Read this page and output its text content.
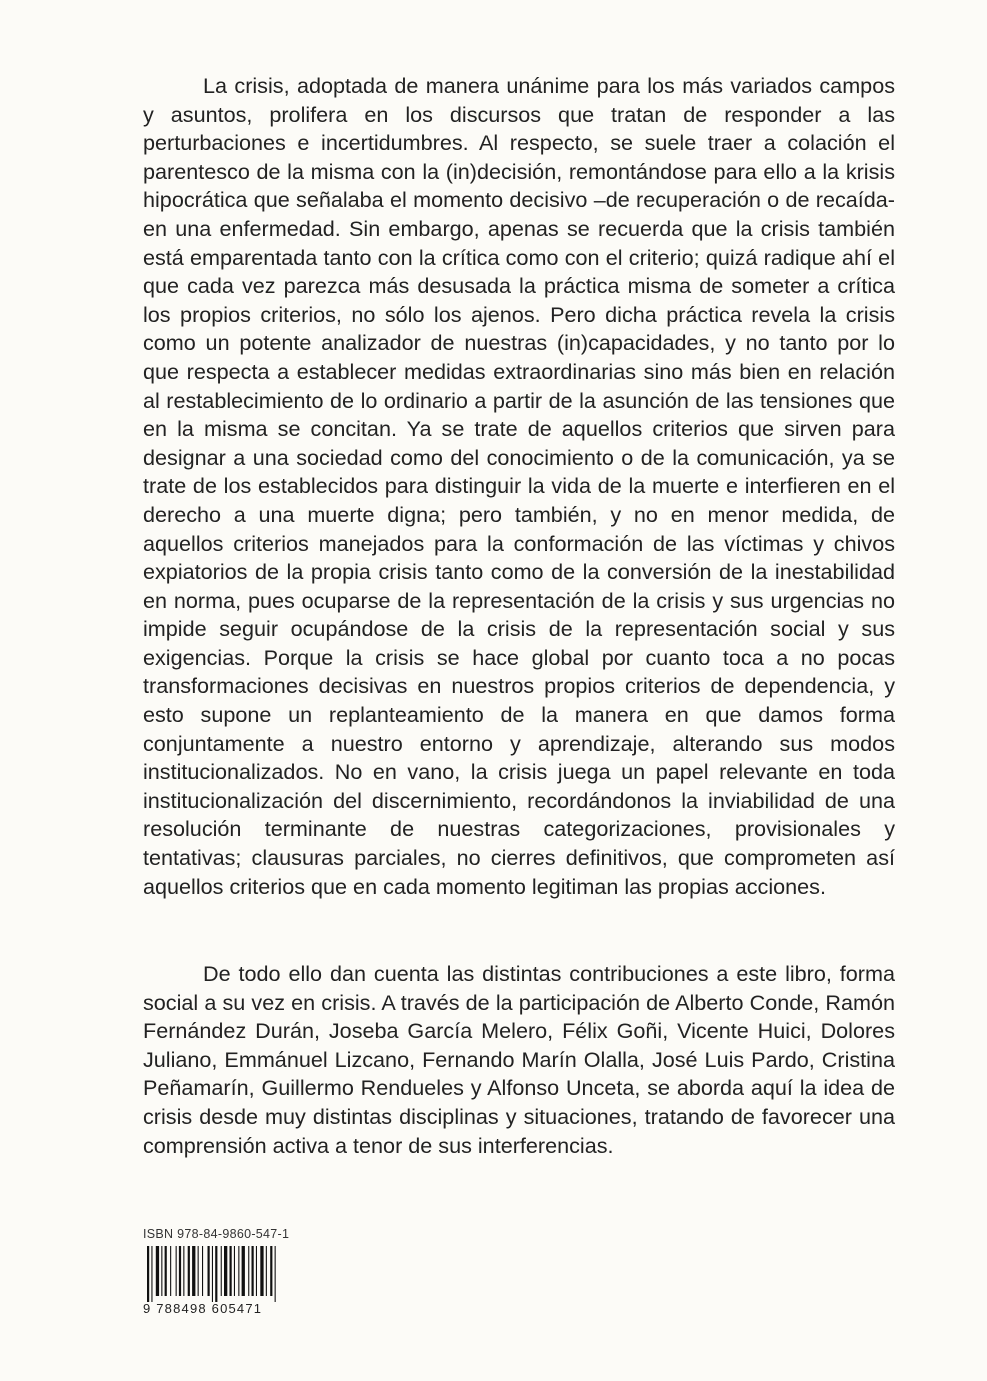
La crisis, adoptada de manera unánime para los más variados campos y asuntos, prolifera en los discursos que tratan de responder a las perturbaciones e incertidumbres. Al respecto, se suele traer a colación el parentesco de la misma con la (in)decisión, remontándose para ello a la krisis hipocrática que señalaba el momento decisivo –de recuperación o de recaída- en una enfermedad. Sin embargo, apenas se recuerda que la crisis también está emparentada tanto con la crítica como con el criterio; quizá radique ahí el que cada vez parezca más desusada la práctica misma de someter a crítica los propios criterios, no sólo los ajenos. Pero dicha práctica revela la crisis como un potente analizador de nuestras (in)capacidades, y no tanto por lo que respecta a establecer medidas extraordinarias sino más bien en relación al restablecimiento de lo ordinario a partir de la asunción de las tensiones que en la misma se concitan. Ya se trate de aquellos criterios que sirven para designar a una sociedad como del conocimiento o de la comunicación, ya se trate de los establecidos para distinguir la vida de la muerte e interfieren en el derecho a una muerte digna; pero también, y no en menor medida, de aquellos criterios manejados para la conformación de las víctimas y chivos expiatorios de la propia crisis tanto como de la conversión de la inestabilidad en norma, pues ocuparse de la representación de la crisis y sus urgencias no impide seguir ocupándose de la crisis de la representación social y sus exigencias. Porque la crisis se hace global por cuanto toca a no pocas transformaciones decisivas en nuestros propios criterios de dependencia, y esto supone un replanteamiento de la manera en que damos forma conjuntamente a nuestro entorno y aprendizaje, alterando sus modos institucionalizados. No en vano, la crisis juega un papel relevante en toda institucionalización del discernimiento, recordándonos la inviabilidad de una resolución terminante de nuestras categorizaciones, provisionales y tentativas; clausuras parciales, no cierres definitivos, que comprometen así aquellos criterios que en cada momento legitiman las propias acciones.

De todo ello dan cuenta las distintas contribuciones a este libro, forma social a su vez en crisis. A través de la participación de Alberto Conde, Ramón Fernández Durán, Joseba García Melero, Félix Goñi, Vicente Huici, Dolores Juliano, Emmánuel Lizcano, Fernando Marín Olalla, José Luis Pardo, Cristina Peñamarín, Guillermo Rendueles y Alfonso Unceta, se aborda aquí la idea de crisis desde muy distintas disciplinas y situaciones, tratando de favorecer una comprensión activa a tenor de sus interferencias.

ISBN 978-84-9860-547-1
9 788498 605471
